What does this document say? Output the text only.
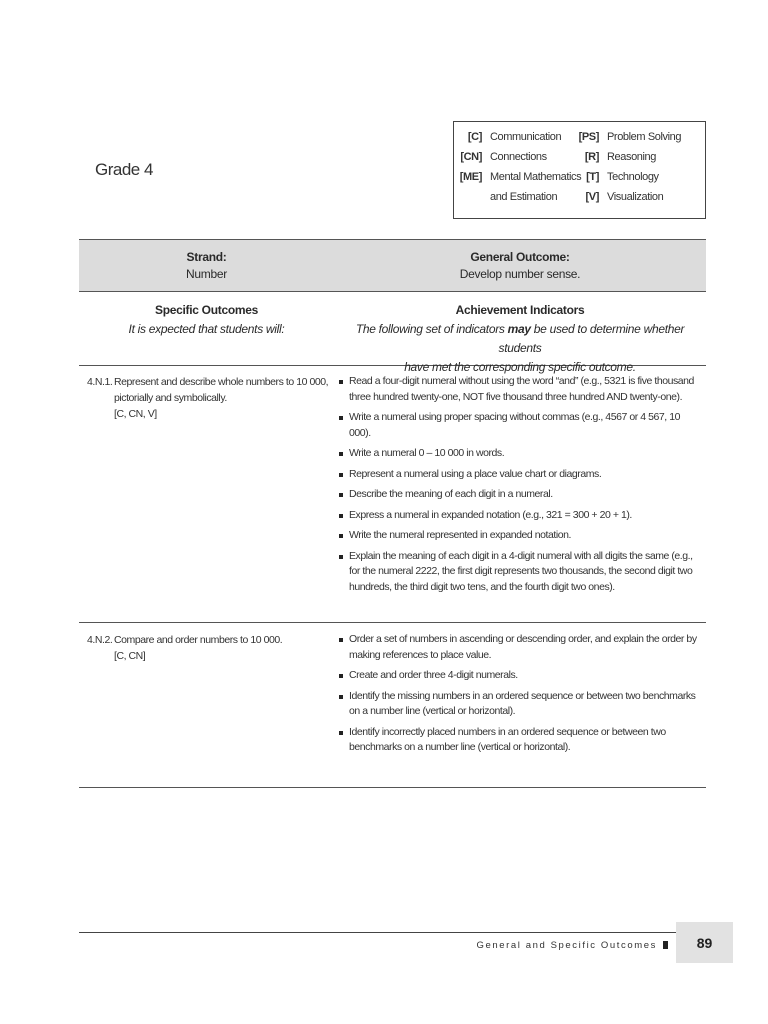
Grade 4
[C] Communication
[CN] Connections
[ME] Mental Mathematics
and Estimation
[PS] Problem Solving
[R] Reasoning
[T] Technology
[V] Visualization
Strand:
Number
General Outcome:
Develop number sense.
Specific Outcomes
It is expected that students will:
Achievement Indicators
The following set of indicators may be used to determine whether students
have met the corresponding specific outcome.
4.N.1. Represent and describe whole numbers to 10 000, pictorially and symbolically.
[C, CN, V]
Read a four-digit numeral without using the word “and” (e.g., 5321 is five thousand three hundred twenty-one, NOT five thousand three hundred AND twenty-one).
Write a numeral using proper spacing without commas (e.g., 4567 or 4 567, 10 000).
Write a numeral 0 – 10 000 in words.
Represent a numeral using a place value chart or diagrams.
Describe the meaning of each digit in a numeral.
Express a numeral in expanded notation (e.g., 321 = 300 + 20 + 1).
Write the numeral represented in expanded notation.
Explain the meaning of each digit in a 4-digit numeral with all digits the same (e.g., for the numeral 2222, the first digit represents two thousands, the second digit two hundreds, the third digit two tens, and the fourth digit two ones).
4.N.2. Compare and order numbers to 10 000.
[C, CN]
Order a set of numbers in ascending or descending order, and explain the order by making references to place value.
Create and order three 4-digit numerals.
Identify the missing numbers in an ordered sequence or between two benchmarks on a number line (vertical or horizontal).
Identify incorrectly placed numbers in an ordered sequence or between two benchmarks on a number line (vertical or horizontal).
General and Specific Outcomes	89
